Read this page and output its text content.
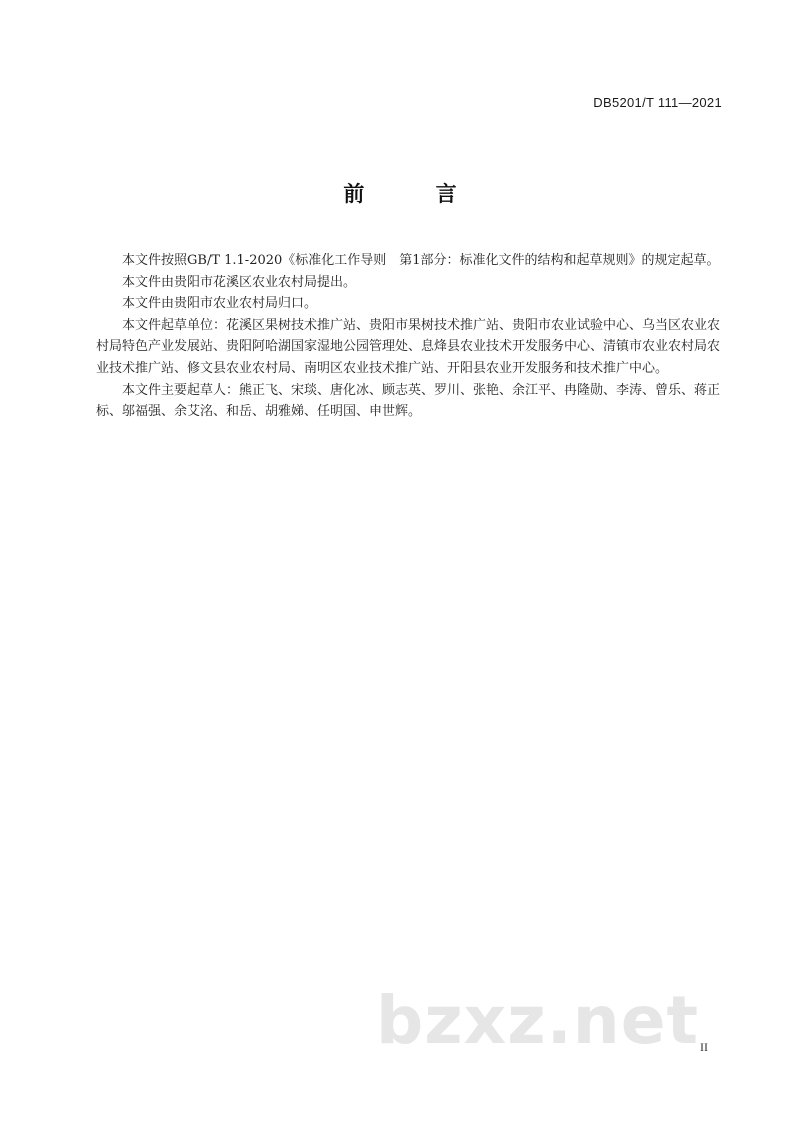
DB5201/T 111—2021
前 言

本文件按照GB/T 1.1-2020《标准化工作导则　第1部分：标准化文件的结构和起草规则》的规定起草。

本文件由贵阳市花溪区农业农村局提出。

本文件由贵阳市农业农村局归口。

本文件起草单位：花溪区果树技术推广站、贵阳市果树技术推广站、贵阳市农业试验中心、乌当区农业农村局特色产业发展站、贵阳阿哈湖国家湿地公园管理处、息烽县农业技术开发服务中心、清镇市农业农村局农业技术推广站、修文县农业农村局、南明区农业技术推广站、开阳县农业开发服务和技术推广中心。

本文件主要起草人：熊正飞、宋琰、唐化冰、顾志英、罗川、张艳、余江平、冉隆勋、李涛、曾乐、蒋正标、邬福强、余艾洺、和岳、胡雅娣、任明国、申世辉。

bzxz.net II
